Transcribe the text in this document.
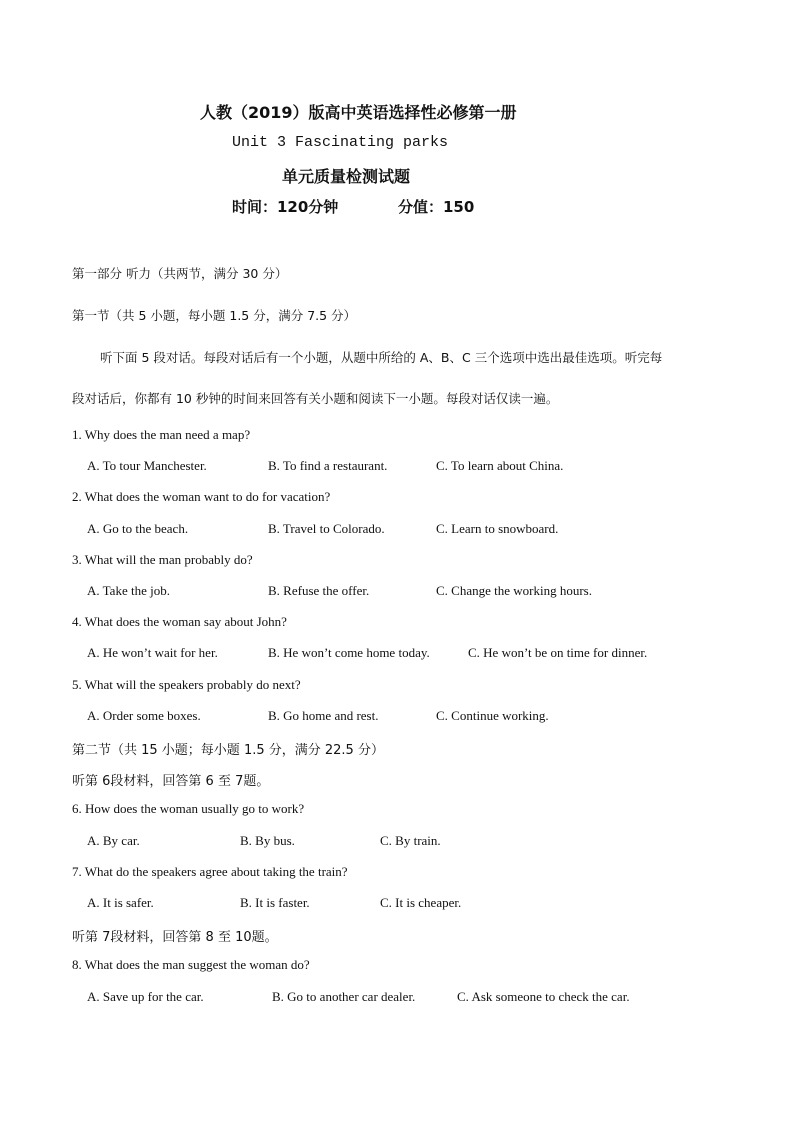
人教（2019）版高中英语选择性必修第一册
Unit 3 Fascinating parks
单元质量检测试题
时间：120分钟	分值：150
第一部分 听力（共两节，满分 30 分）
第一节（共 5 小题，每小题 1.5 分，满分 7.5 分）
听下面 5 段对话。每段对话后有一个小题，从题中所给的 A、B、C 三个选项中选出最佳选项。听完每
段对话后，你都有 10 秒钟的时间来回答有关小题和阅读下一小题。每段对话仅读一遍。
1. Why does the man need a map?
A. To tour Manchester.	B. To find a restaurant.	C. To learn about China.
2. What does the woman want to do for vacation?
A. Go to the beach.	B. Travel to Colorado.	C. Learn to snowboard.
3. What will the man probably do?
A. Take the job.	B. Refuse the offer.	C. Change the working hours.
4. What does the woman say about John?
A. He won’t wait for her.	B. He won’t come home today.	C. He won’t be on time for dinner.
5. What will the speakers probably do next?
A. Order some boxes.	B. Go home and rest.	C. Continue working.
第二节（共 15 小题；每小题 1.5 分，满分 22.5 分）
听第 6段材料，回答第 6 至 7题。
6. How does the woman usually go to work?
A. By car.	B. By bus.	C. By train.
7. What do the speakers agree about taking the train?
A. It is safer.	B. It is faster.	C. It is cheaper.
听第 7段材料，回答第 8 至 10题。
8. What does the man suggest the woman do?
A. Save up for the car.	B. Go to another car dealer.	C. Ask someone to check the car.
